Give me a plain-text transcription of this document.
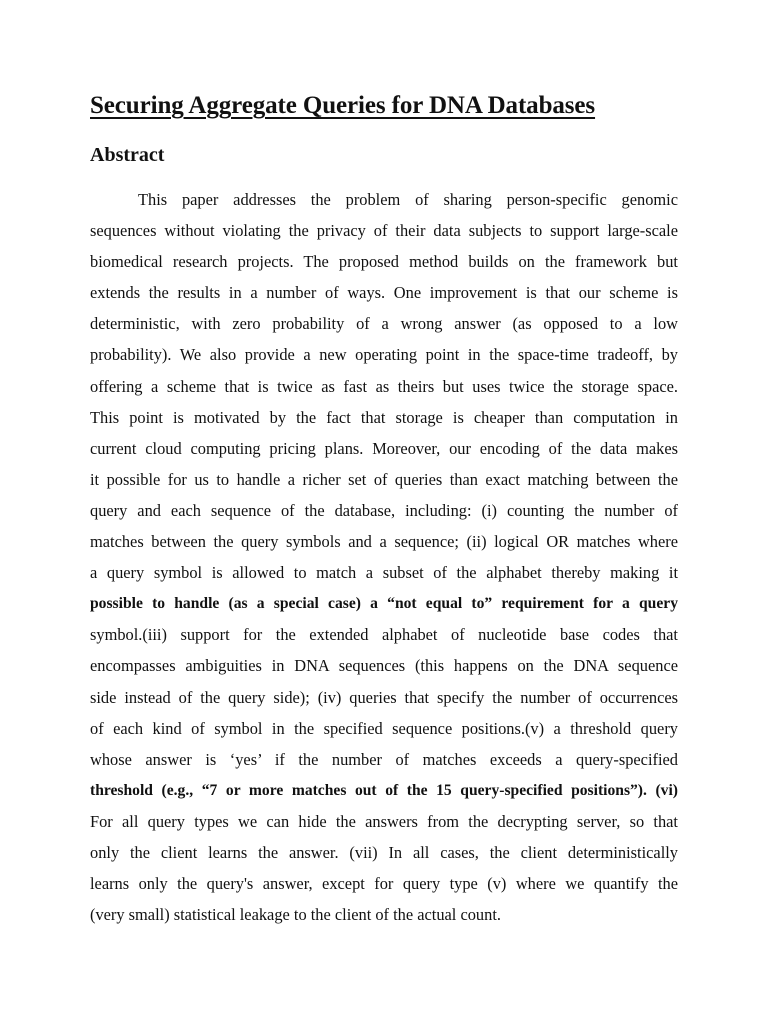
Securing Aggregate Queries for DNA Databases
Abstract
This paper addresses the problem of sharing person-specific genomic
sequences without violating the privacy of their data subjects to support large-scale
biomedical research projects. The proposed method builds on the framework but
extends the results in a number of ways. One improvement is that our scheme is
deterministic, with zero probability of a wrong answer (as opposed to a low
probability). We also provide a new operating point in the space-time tradeoff, by
offering a scheme that is twice as fast as theirs but uses twice the storage space.
This point is motivated by the fact that storage is cheaper than computation in
current cloud computing pricing plans. Moreover, our encoding of the data makes
it possible for us to handle a richer set of queries than exact matching between the
query and each sequence of the database, including: (i) counting the number of
matches between the query symbols and a sequence; (ii) logical OR matches where
a query symbol is allowed to match a subset of the alphabet thereby making it
possible to handle (as a special case) a “not equal to” requirement for a query
symbol.(iii) support for the extended alphabet of nucleotide base codes that
encompasses ambiguities in DNA sequences (this happens on the DNA sequence
side instead of the query side); (iv) queries that specify the number of occurrences
of each kind of symbol in the specified sequence positions.(v) a threshold query
whose answer is ‘yes’ if the number of matches exceeds a query-specified
threshold (e.g., “7 or more matches out of the 15 query-specified positions”). (vi)
For all query types we can hide the answers from the decrypting server, so that
only the client learns the answer. (vii) In all cases, the client deterministically
learns only the query's answer, except for query type (v) where we quantify the
(very small) statistical leakage to the client of the actual count.
